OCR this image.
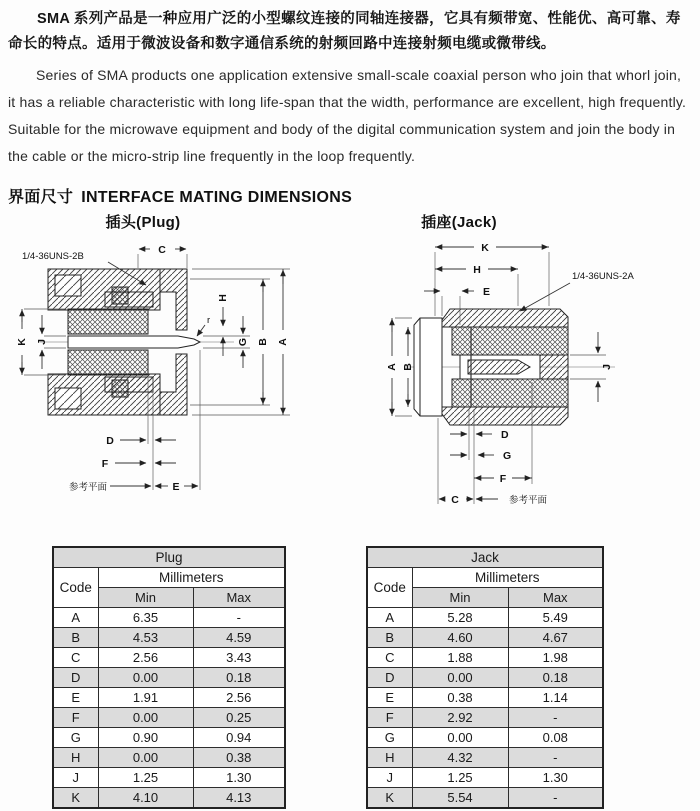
SMA 系列产品是一种应用广泛的小型螺纹连接的同轴连接器，它具有频带宽、性能优、高可靠、寿命长的特点。适用于微波设备和数字通信系统的射频回路中连接射频电缆或微带线。

Series of SMA products one application extensive small-scale coaxial person who join that whorl join, it has a reliable characteristic with long life-span that the width, performance are excellent, high frequently. Suitable for the microwave equipment and body of the digital communication system and join the body in the cable or the micro-strip line frequently in the loop frequently.

界面尺寸 INTERFACE MATING DIMENSIONS
插头(Plug)
C
1/4-36UNS-2B
r
H
G B A
K J
D
F
参考平面	E
插座(Jack)
K
H
E
1/4-36UNS-2A
A B	J
D
G
F
C	参考平面
Plug		
Code	Millimeters	
	Min	Max
A	6.35	-
B	4.53	4.59
C	2.56	3.43
D	0.00	0.18
E	1.91	2.56
F	0.00	0.25
G	0.90	0.94
H	0.00	0.38
J	1.25	1.30
K	4.10	4.13
Jack		
Code	Millimeters	
	Min	Max
A	5.28	5.49
B	4.60	4.67
C	1.88	1.98
D	0.00	0.18
E	0.38	1.14
F	2.92	-
G	0.00	0.08
H	4.32	-
J	1.25	1.30
K	5.54	-
